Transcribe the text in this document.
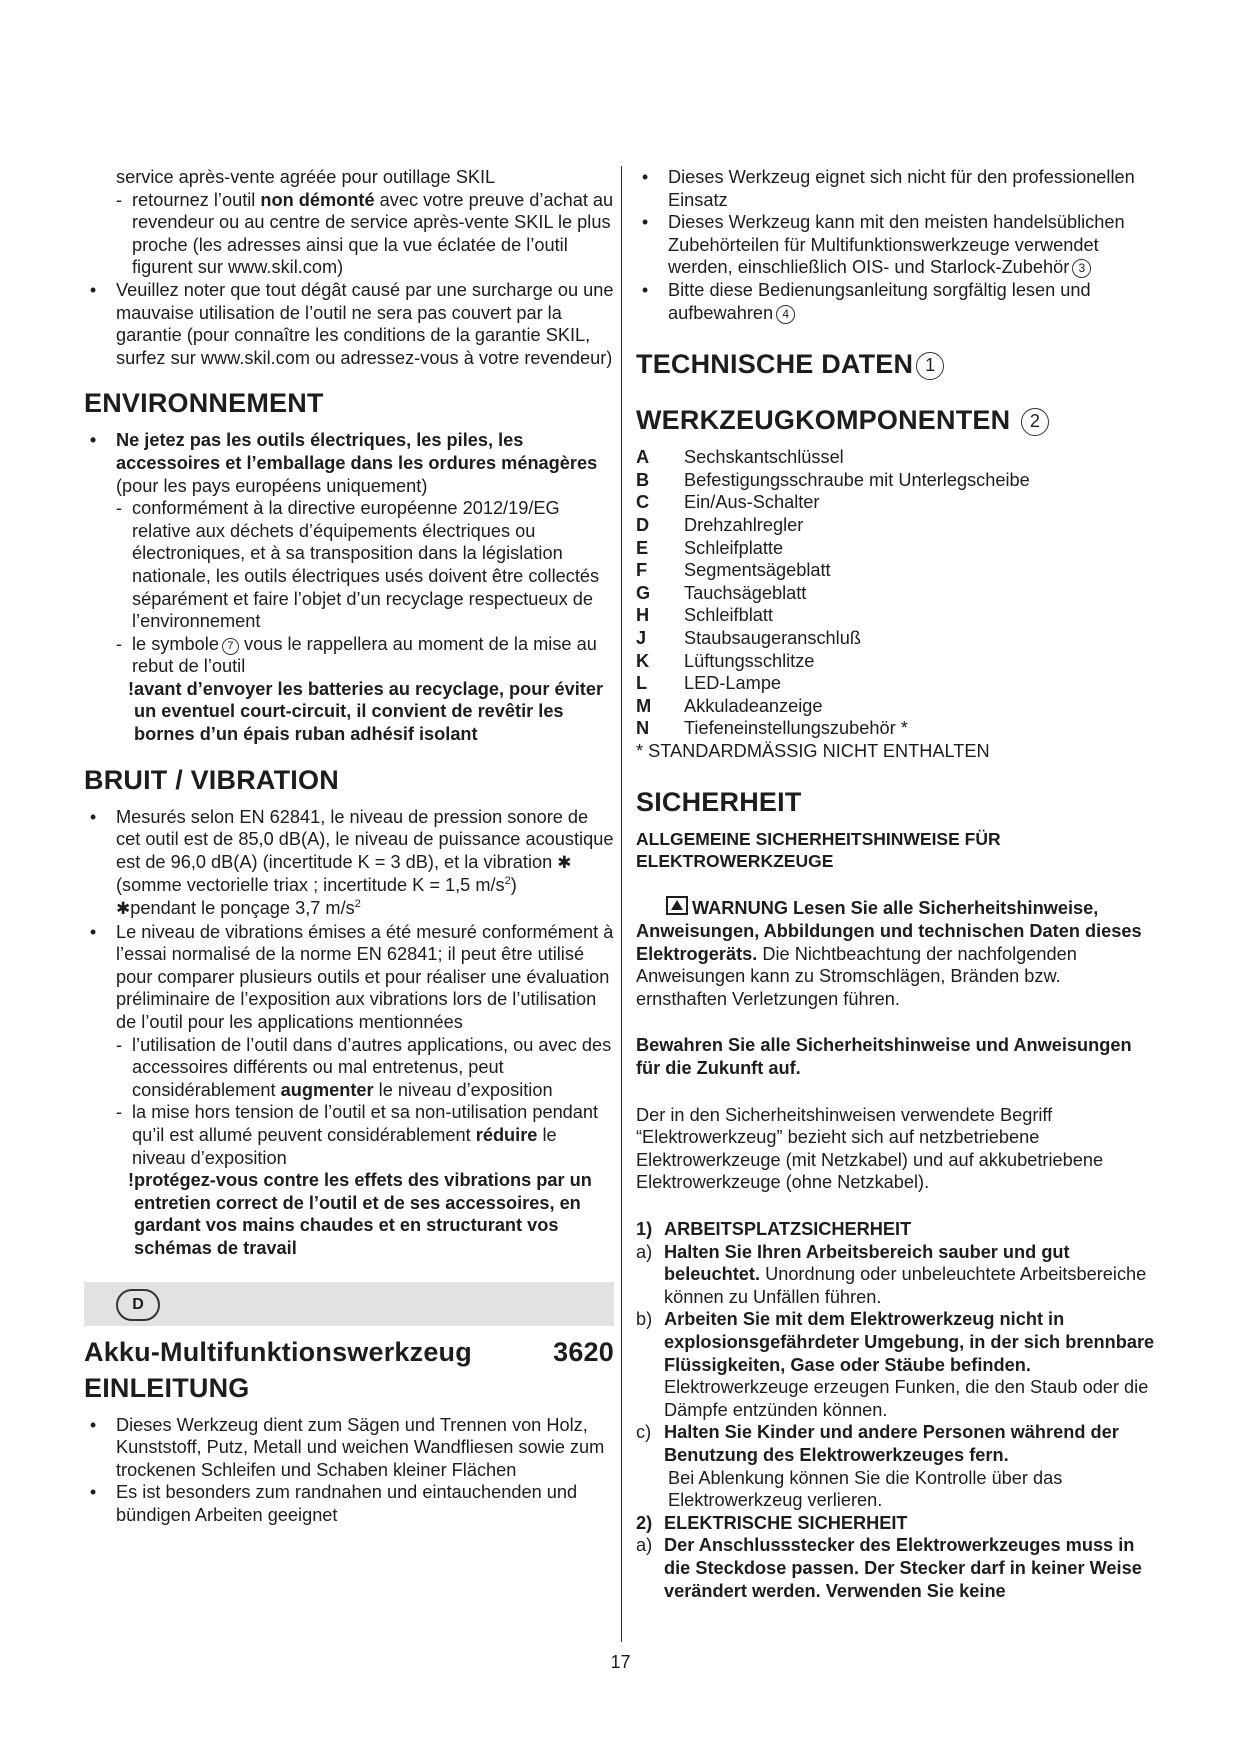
service après-vente agréée pour outillage SKIL

- retournez l’outil non démonté avec votre preuve d’achat au revendeur ou au centre de service après-vente SKIL le plus proche (les adresses ainsi que la vue éclatée de l’outil figurent sur www.skil.com)

• Veuillez noter que tout dégât causé par une surcharge ou une mauvaise utilisation de l’outil ne sera pas couvert par la garantie (pour connaître les conditions de la garantie SKIL, surfez sur www.skil.com ou adressez-vous à votre revendeur)

ENVIRONNEMENT

• Ne jetez pas les outils électriques, les piles, les accessoires et l’emballage dans les ordures ménagères (pour les pays européens uniquement)

- conformément à la directive européenne 2012/19/EG relative aux déchets d’équipements électriques ou électroniques, et à sa transposition dans la législation nationale, les outils électriques usés doivent être collectés séparément et faire l’objet d’un recyclage respectueux de l’environnement

- le symbole 7 vous le rappellera au moment de la mise au rebut de l’outil

! avant d’envoyer les batteries au recyclage, pour éviter un eventuel court-circuit, il convient de revêtir les bornes d’un épais ruban adhésif isolant

BRUIT / VIBRATION

• Mesurés selon EN 62841, le niveau de pression sonore de cet outil est de 85,0 dB(A), le niveau de puissance acoustique est de 96,0 dB(A) (incertitude K = 3 dB), et la vibration ✱ (somme vectorielle triax ; incertitude K = 1,5 $m/s^2$)

✱pendant le ponçage 3,7 $m/s^2$

• Le niveau de vibrations émises a été mesuré conformément à l’essai normalisé de la norme EN 62841; il peut être utilisé pour comparer plusieurs outils et pour réaliser une évaluation préliminaire de l’exposition aux vibrations lors de l’utilisation de l’outil pour les applications mentionnées

- l’utilisation de l’outil dans d’autres applications, ou avec des accessoires différents ou mal entretenus, peut considérablement augmenter le niveau d’exposition

- la mise hors tension de l’outil et sa non-utilisation pendant qu’il est allumé peuvent considérablement réduire le niveau d’exposition

! protégez-vous contre les effets des vibrations par un entretien correct de l’outil et de ses accessoires, en gardant vos mains chaudes et en structurant vos schémas de travail

D
Akku-Multifunktionswerkzeug	3620
EINLEITUNG

• Dieses Werkzeug dient zum Sägen und Trennen von Holz, Kunststoff, Putz, Metall und weichen Wandfliesen sowie zum trockenen Schleifen und Schaben kleiner Flächen

• Es ist besonders zum randnahen und eintauchenden und bündigen Arbeiten geeignet

• Dieses Werkzeug eignet sich nicht für den professionellen Einsatz

• Dieses Werkzeug kann mit den meisten handelsüblichen Zubehörteilen für Multifunktionswerkzeuge verwendet werden, einschließlich OIS- und Starlock-Zubehör 3

• Bitte diese Bedienungsanleitung sorgfältig lesen und aufbewahren 4

TECHNISCHE DATEN 1
WERKZEUGKOMPONENTEN 2
A	Sechskantschlüssel
B	Befestigungsschraube mit Unterlegscheibe
C	Ein/Aus-Schalter
D	Drehzahlregler
E	Schleifplatte
F	Segmentsägeblatt
G	Tauchsägeblatt
H	Schleifblatt
J	Staubsaugeranschluß
K	Lüftungsschlitze
L	LED-Lampe
M	Akkuladeanzeige
N	Tiefeneinstellungszubehör *

* STANDARDMÄSSIG NICHT ENTHALTEN

SICHERHEIT
ALLGEMEINE SICHERHEITSHINWEISE FÜR ELEKTROWERKZEUGE

WARNUNG Lesen Sie alle Sicherheitshinweise, Anweisungen, Abbildungen und technischen Daten dieses Elektrogeräts. Die Nichtbeachtung der nachfolgenden Anweisungen kann zu Stromschlägen, Bränden bzw. ernsthaften Verletzungen führen.

Bewahren Sie alle Sicherheitshinweise und Anweisungen für die Zukunft auf.

Der in den Sicherheitshinweisen verwendete Begriff “Elektrowerkzeug” bezieht sich auf netzbetriebene Elektrowerkzeuge (mit Netzkabel) und auf akkubetriebene Elektrowerkzeuge (ohne Netzkabel).

1) ARBEITSPLATZSICHERHEIT

a) Halten Sie Ihren Arbeitsbereich sauber und gut beleuchtet. Unordnung oder unbeleuchtete Arbeitsbereiche können zu Unfällen führen.

b) Arbeiten Sie mit dem Elektrowerkzeug nicht in explosionsgefährdeter Umgebung, in der sich brennbare Flüssigkeiten, Gase oder Stäube befinden. Elektrowerkzeuge erzeugen Funken, die den Staub oder die Dämpfe entzünden können.

c) Halten Sie Kinder und andere Personen während der Benutzung des Elektrowerkzeuges fern.

Bei Ablenkung können Sie die Kontrolle über das Elektrowerkzeug verlieren.

2) ELEKTRISCHE SICHERHEIT

a) Der Anschlussstecker des Elektrowerkzeuges muss in die Steckdose passen. Der Stecker darf in keiner Weise verändert werden. Verwenden Sie keine

17
